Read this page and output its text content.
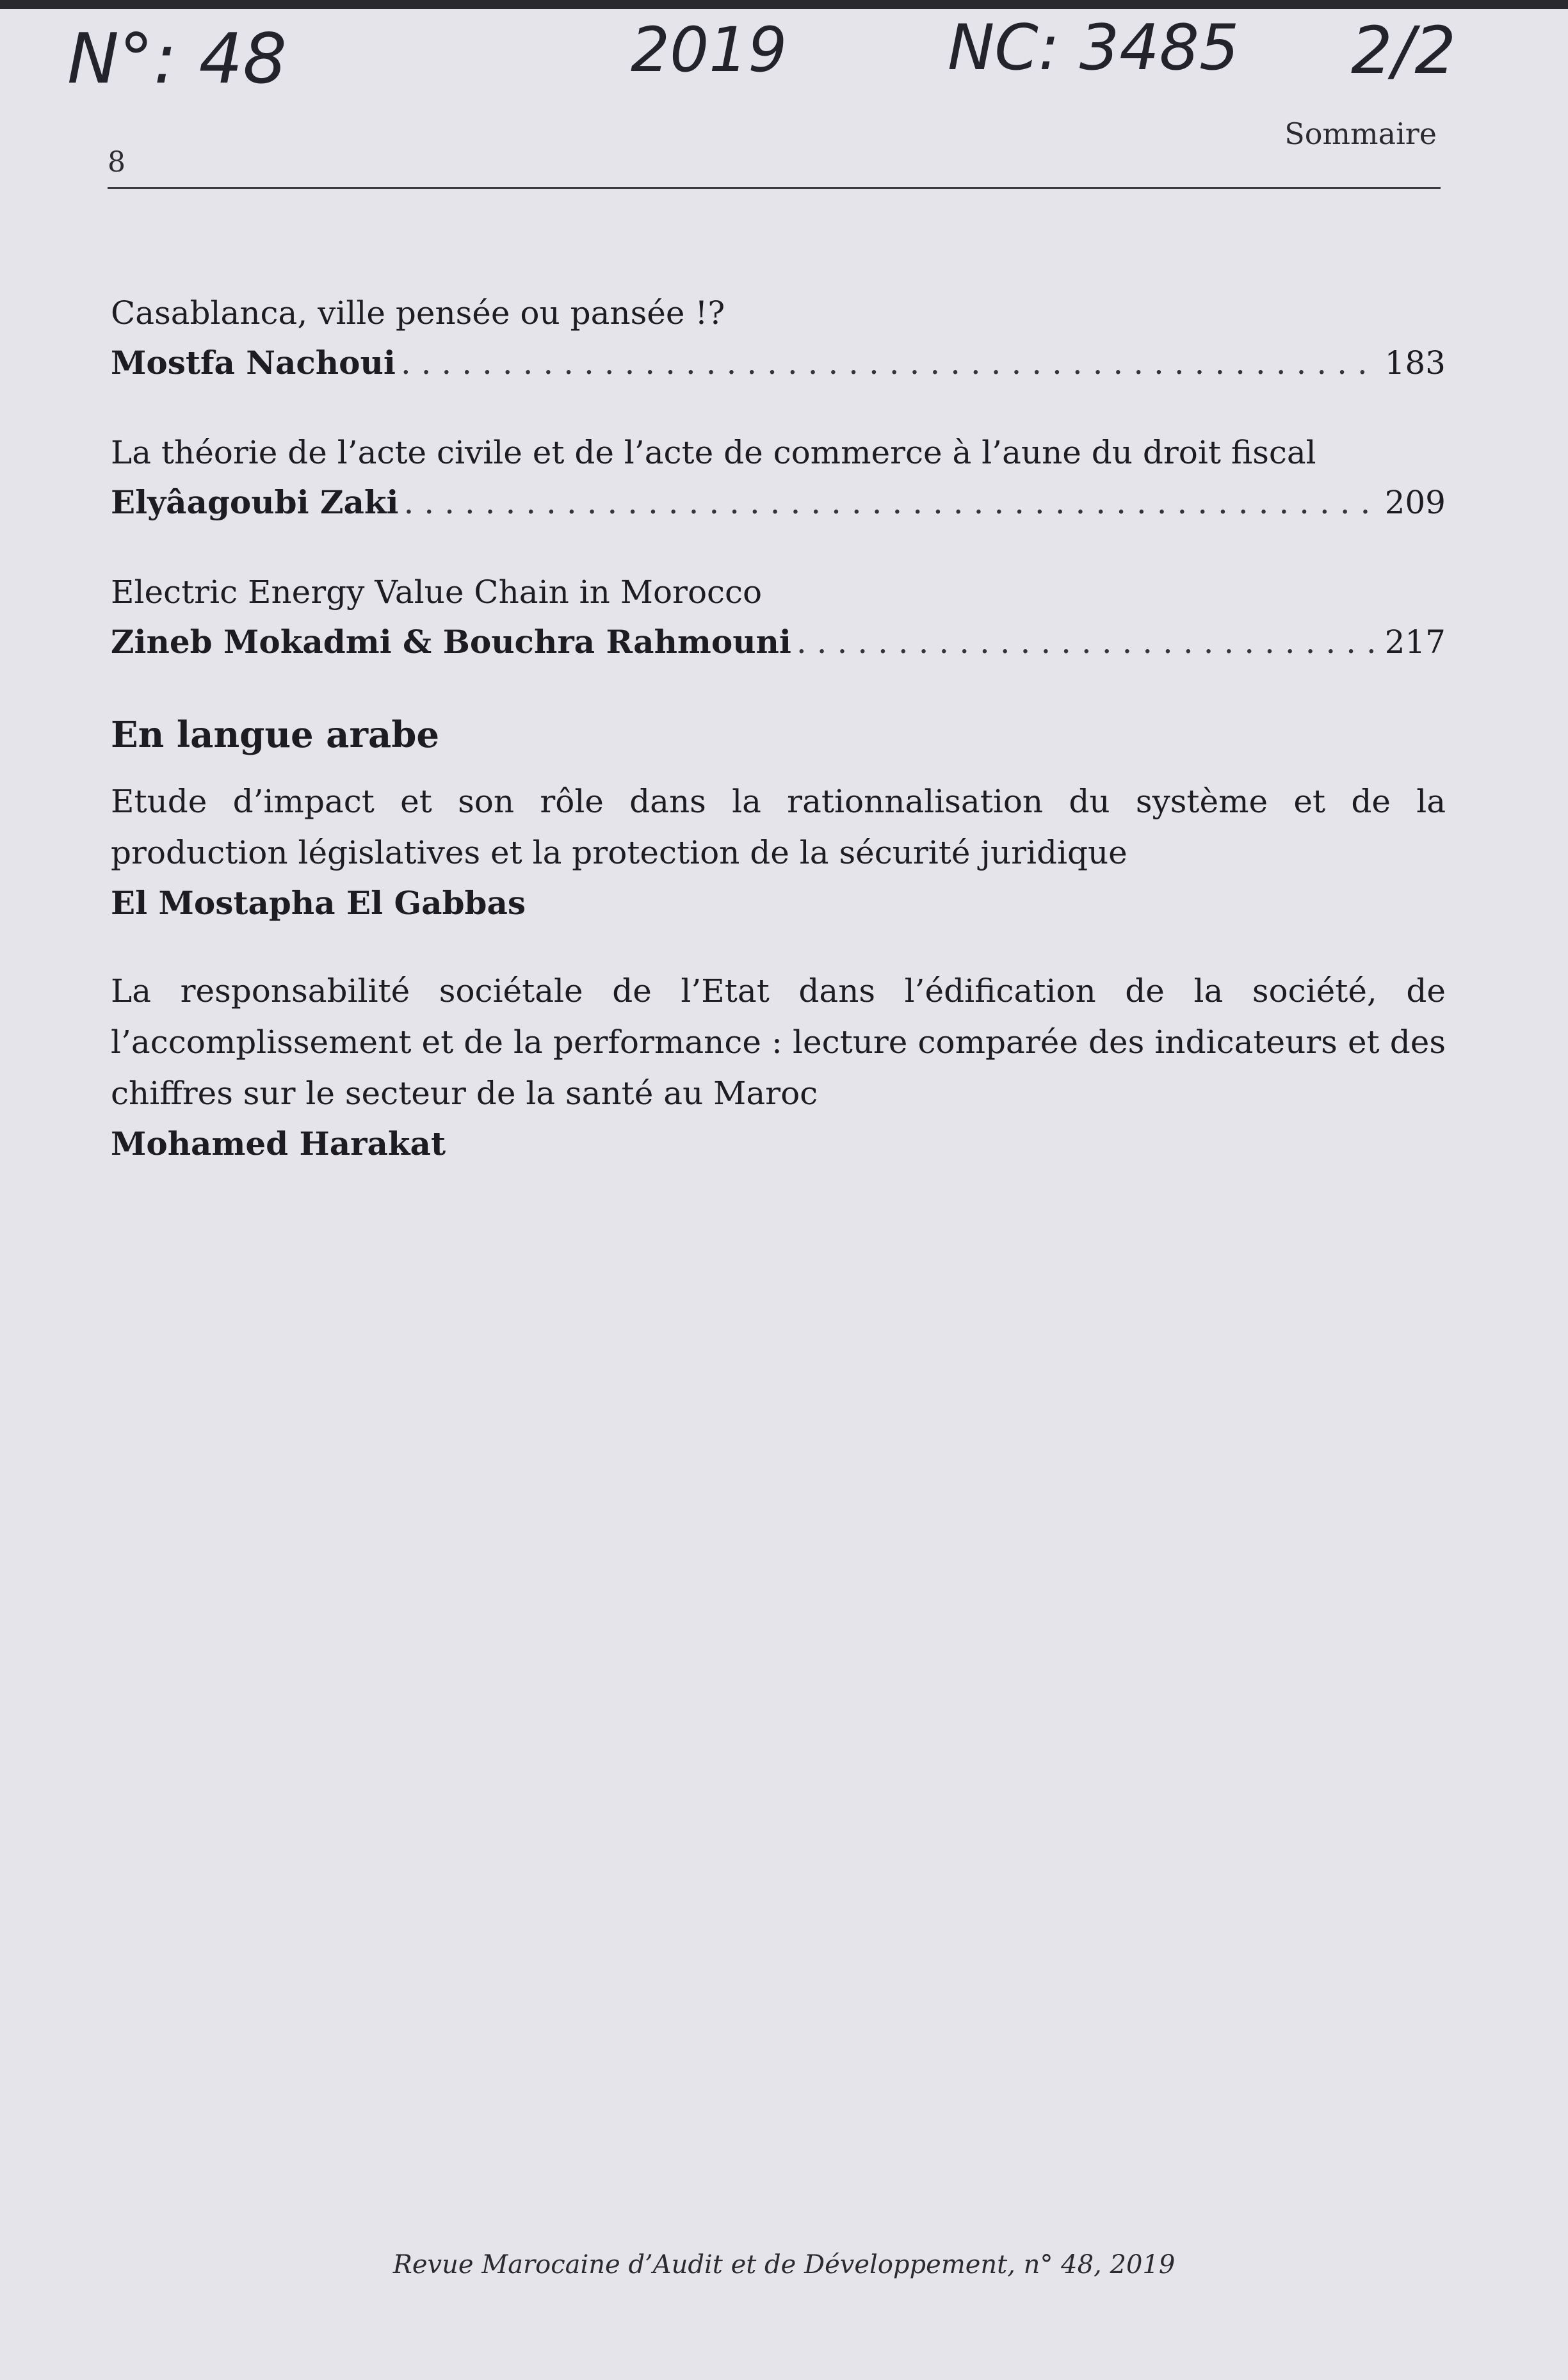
N°: 48	2019	NC: 3485 2/2
8
Sommaire

Casablanca, ville pensée ou pansée !?
Mostfa Nachoui . . .	183
La théorie de l’acte civile et de l’acte de commerce à l’aune du droit fiscal
Elyâagoubi Zaki . . .	209
Electric Energy Value Chain in Morocco
Zineb Mokadmi & Bouchra Rahmouni . . .	217
En langue arabe
Etude d’impact et son rôle dans la rationnalisation du système et de la production législatives et la protection de la sécurité juridique
El Mostapha El Gabbas
La responsabilité sociétale de l’Etat dans l’édification de la société, de l’accomplissement et de la performance : lecture comparée des indicateurs et des chiffres sur le secteur de la santé au Maroc
Mohamed Harakat
Revue Marocaine d’Audit et de Développement, n° 48, 2019
